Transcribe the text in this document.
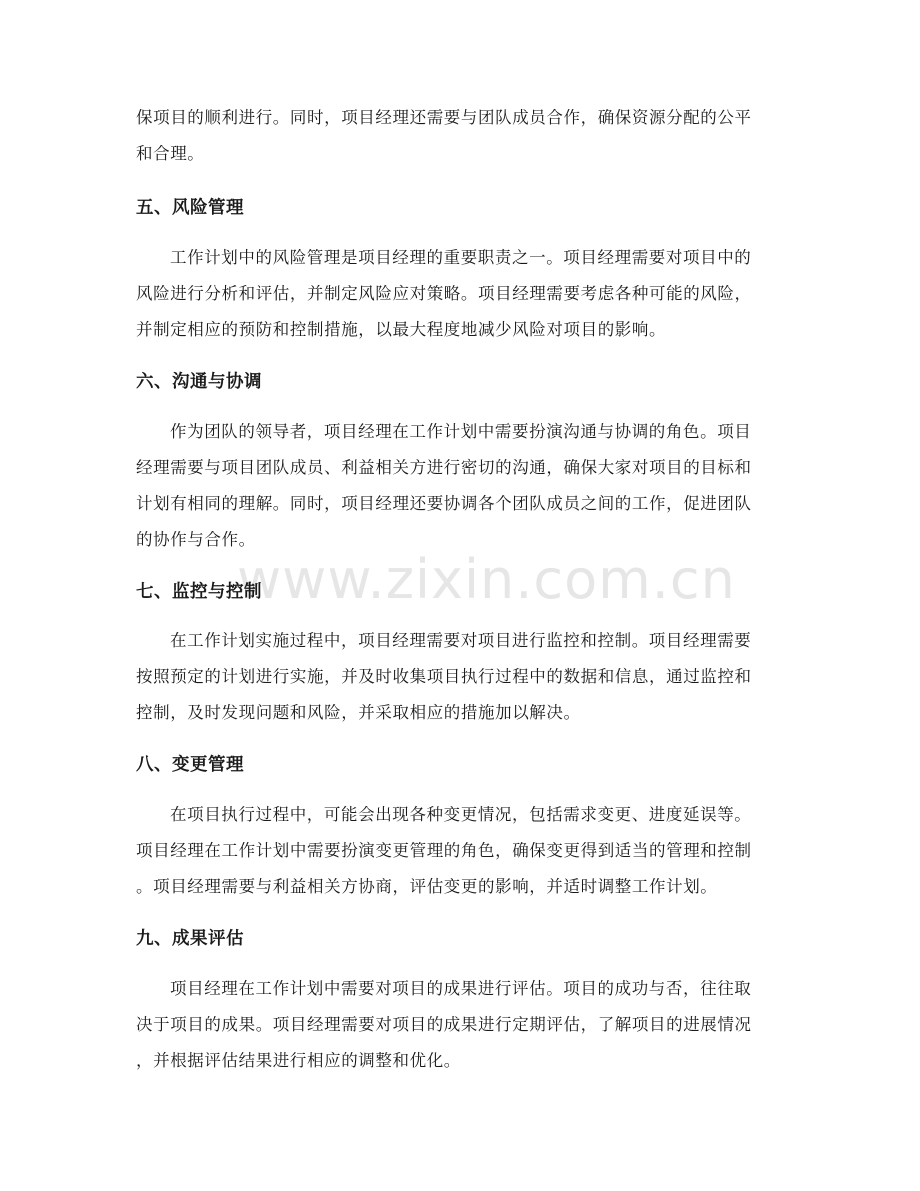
www.zixin.com.cn
保项目的顺利进行。同时，项目经理还需要与团队成员合作，确保资源分配的公平
和合理。
五、风险管理
工作计划中的风险管理是项目经理的重要职责之一。项目经理需要对项目中的
风险进行分析和评估，并制定风险应对策略。项目经理需要考虑各种可能的风险，
并制定相应的预防和控制措施，以最大程度地减少风险对项目的影响。
六、沟通与协调
作为团队的领导者，项目经理在工作计划中需要扮演沟通与协调的角色。项目
经理需要与项目团队成员、利益相关方进行密切的沟通，确保大家对项目的目标和
计划有相同的理解。同时，项目经理还要协调各个团队成员之间的工作，促进团队
的协作与合作。
七、监控与控制
在工作计划实施过程中，项目经理需要对项目进行监控和控制。项目经理需要
按照预定的计划进行实施，并及时收集项目执行过程中的数据和信息，通过监控和
控制，及时发现问题和风险，并采取相应的措施加以解决。
八、变更管理
在项目执行过程中，可能会出现各种变更情况，包括需求变更、进度延误等。
项目经理在工作计划中需要扮演变更管理的角色，确保变更得到适当的管理和控制
。项目经理需要与利益相关方协商，评估变更的影响，并适时调整工作计划。
九、成果评估
项目经理在工作计划中需要对项目的成果进行评估。项目的成功与否，往往取
决于项目的成果。项目经理需要对项目的成果进行定期评估，了解项目的进展情况
，并根据评估结果进行相应的调整和优化。
